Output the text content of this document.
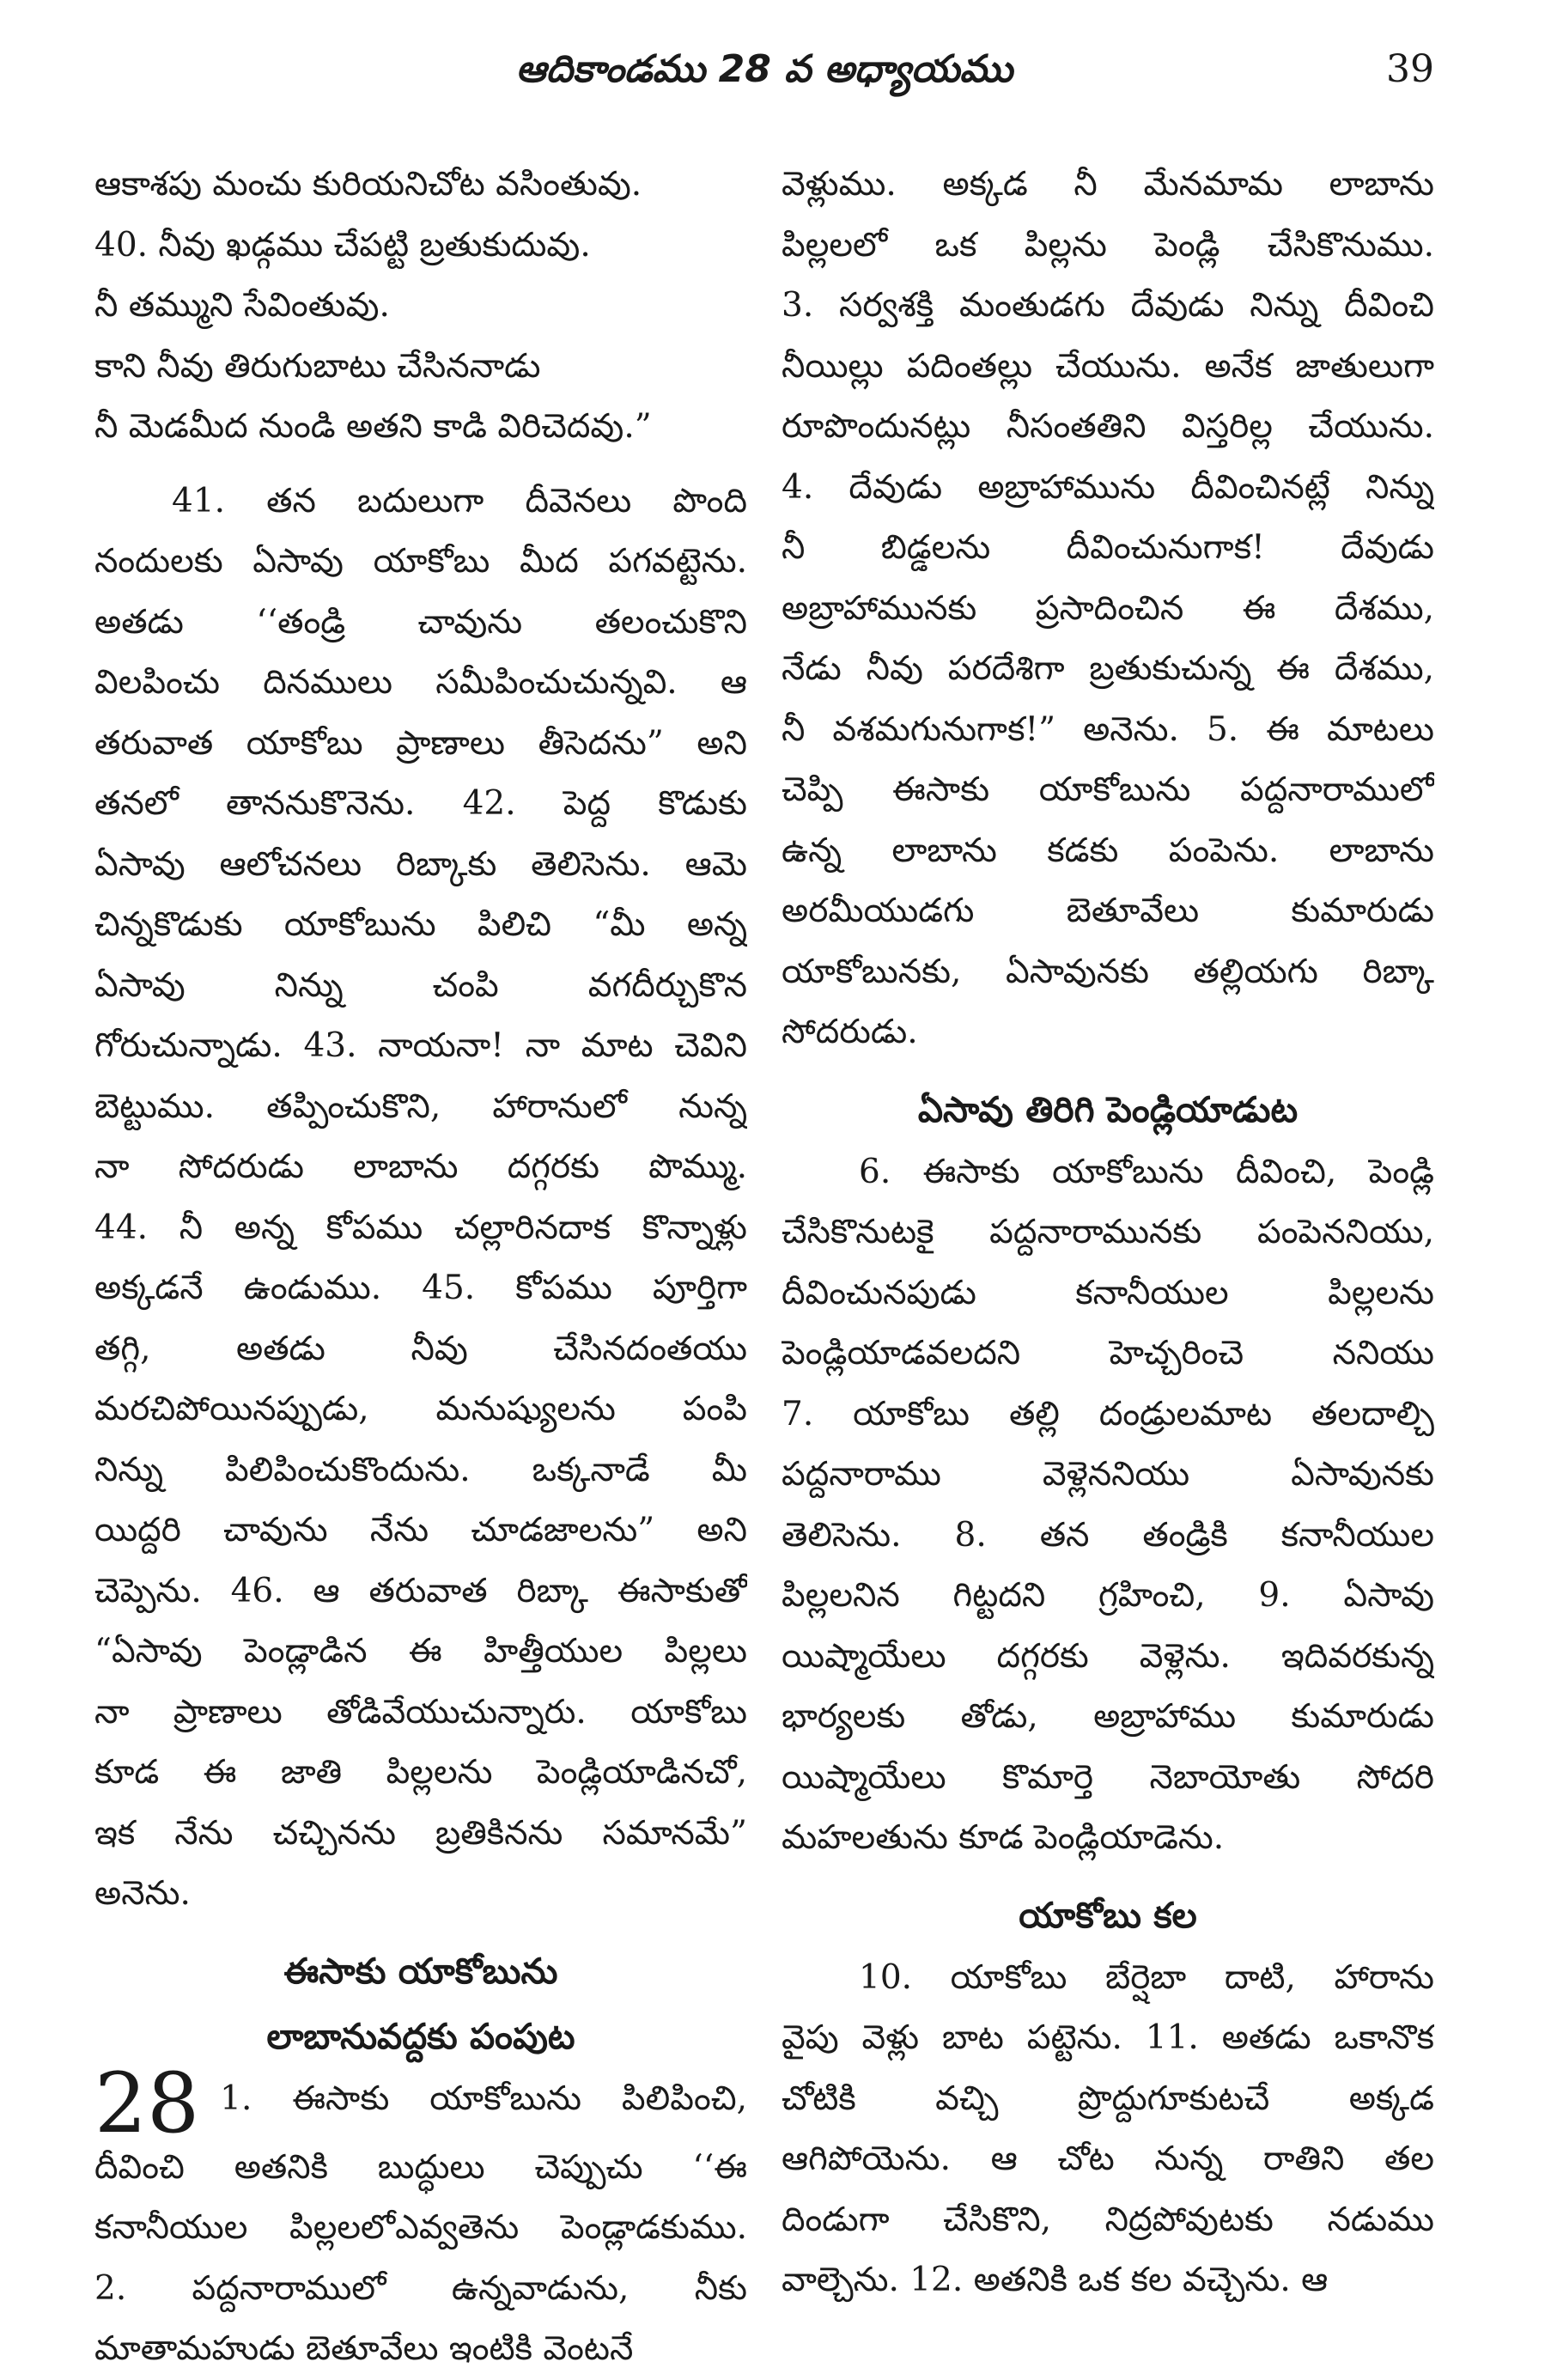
ఆదికాండము 28 వ అధ్యాయము	39
ఆకాశపు మంచు కురియనిచోట వసింతువు.
40. నీవు ఖడ్గము చేపట్టి బ్రతుకుదువు.
నీ తమ్ముని సేవింతువు.
కాని నీవు తిరుగుబాటు చేసిననాడు
నీ మెడమీద నుండి అతని కాడి విరిచెదవు.”
41. తన బదులుగా దీవెనలు పొంది
నందులకు ఏసావు యాకోబు మీద పగవట్టెను.
అతడు ‘‘తండ్రి చావును తలంచుకొని
విలపించు దినములు సమీపించుచున్నవి. ఆ
తరువాత యాకోబు ప్రాణాలు తీసెదను” అని
తనలో తాననుకొనెను. 42. పెద్ద కొడుకు
ఏసావు ఆలోచనలు రిబ్కాకు తెలిసెను. ఆమె
చిన్నకొడుకు యాకోబును పిలిచి “మీ అన్న
ఏసావు నిన్ను చంపి వగదీర్చుకొన
గోరుచున్నాడు. 43. నాయనా! నా మాట చెవిని
బెట్టుము. తప్పించుకొని, హారానులో నున్న
నా సోదరుడు లాబాను దగ్గరకు పొమ్ము.
44. నీ అన్న కోపము చల్లారినదాక కొన్నాళ్లు
అక్కడనే ఉండుము. 45. కోపము పూర్తిగా
తగ్గి, అతడు నీవు చేసినదంతయు
మరచిపోయినప్పుడు, మనుష్యులను పంపి
నిన్ను పిలిపించుకొందును. ఒక్కనాడే మీ
యిద్దరి చావును నేను చూడజాలను” అని
చెప్పెను. 46. ఆ తరువాత రిబ్కా ఈసాకుతో
“ఏసావు పెండ్లాడిన ఈ హిత్తీయుల పిల్లలు
నా ప్రాణాలు తోడివేయుచున్నారు. యాకోబు
కూడ ఈ జాతి పిల్లలను పెండ్లియాడినచో,
ఇక నేను చచ్చినను బ్రతికినను సమానమే”
అనెను.
ఈసాకు యాకోబును
లాబానువద్దకు పంపుట
28 1. ఈసాకు యాకోబును పిలిపించి,
దీవించి అతనికి బుద్ధులు చెప్పుచు ‘‘ఈ
కనానీయుల పిల్లలలోఎవ్వతెను పెండ్లాడకుము.
2. పద్దనారాములో ఉన్నవాడును, నీకు
మాతామహుడు బెతూవేలు ఇంటికి వెంటనే
వెళ్లుము. అక్కడ నీ మేనమామ లాబాను
పిల్లలలో ఒక పిల్లను పెండ్లి చేసికొనుము.
3. సర్వశక్తి మంతుడగు దేవుడు నిన్ను దీవించి
నీయిల్లు పదింతల్లు చేయును. అనేక జాతులుగా
రూపొందునట్లు నీసంతతిని విస్తరిల్ల చేయును.
4. దేవుడు అబ్రాహామును దీవించినట్లే నిన్ను
నీ బిడ్డలను దీవించునుగాక! దేవుడు
అబ్రాహామునకు ప్రసాదించిన ఈ దేశము,
నేడు నీవు పరదేశిగా బ్రతుకుచున్న ఈ దేశము,
నీ వశమగునుగాక!” అనెను. 5. ఈ మాటలు
చెప్పి ఈసాకు యాకోబును పద్దనారాములో
ఉన్న లాబాను కడకు పంపెను. లాబాను
అరమీయుడగు బెతూవేలు కుమారుడు
యాకోబునకు, ఏసావునకు తల్లియగు రిబ్కా
సోదరుడు.
ఏసావు తిరిగి పెండ్లియాడుట
6. ఈసాకు యాకోబును దీవించి, పెండ్లి
చేసికొనుటకై పద్దనారామునకు పంపెననియు,
దీవించునపుడు కనానీయుల పిల్లలను
పెండ్లియాడవలదని హెచ్చరించె ననియు
7. యాకోబు తల్లి దండ్రులమాట తలదాల్చి
పద్దనారాము వెళ్లెననియు ఏసావునకు
తెలిసెను. 8. తన తండ్రికి కనానీయుల
పిల్లలనిన గిట్టదని గ్రహించి, 9. ఏసావు
యిష్మాయేలు దగ్గరకు వెళ్లెను. ఇదివరకున్న
భార్యలకు తోడు, అబ్రాహాము కుమారుడు
యిష్మాయేలు కొమార్తె నెబాయోతు సోదరి
మహలతును కూడ పెండ్లియాడెను.
యాకోబు కల
10. యాకోబు బేర్షెబా దాటి, హారాను
వైపు వెళ్లు బాట పట్టెను. 11. అతడు ఒకానొక
చోటికి వచ్చి ప్రొద్దుగూకుటచే అక్కడ
ఆగిపోయెను. ఆ చోట నున్న రాతిని తల
దిండుగా చేసికొని, నిద్రపోవుటకు నడుము
వాల్చెను. 12. అతనికి ఒక కల వచ్చెను. ఆ
